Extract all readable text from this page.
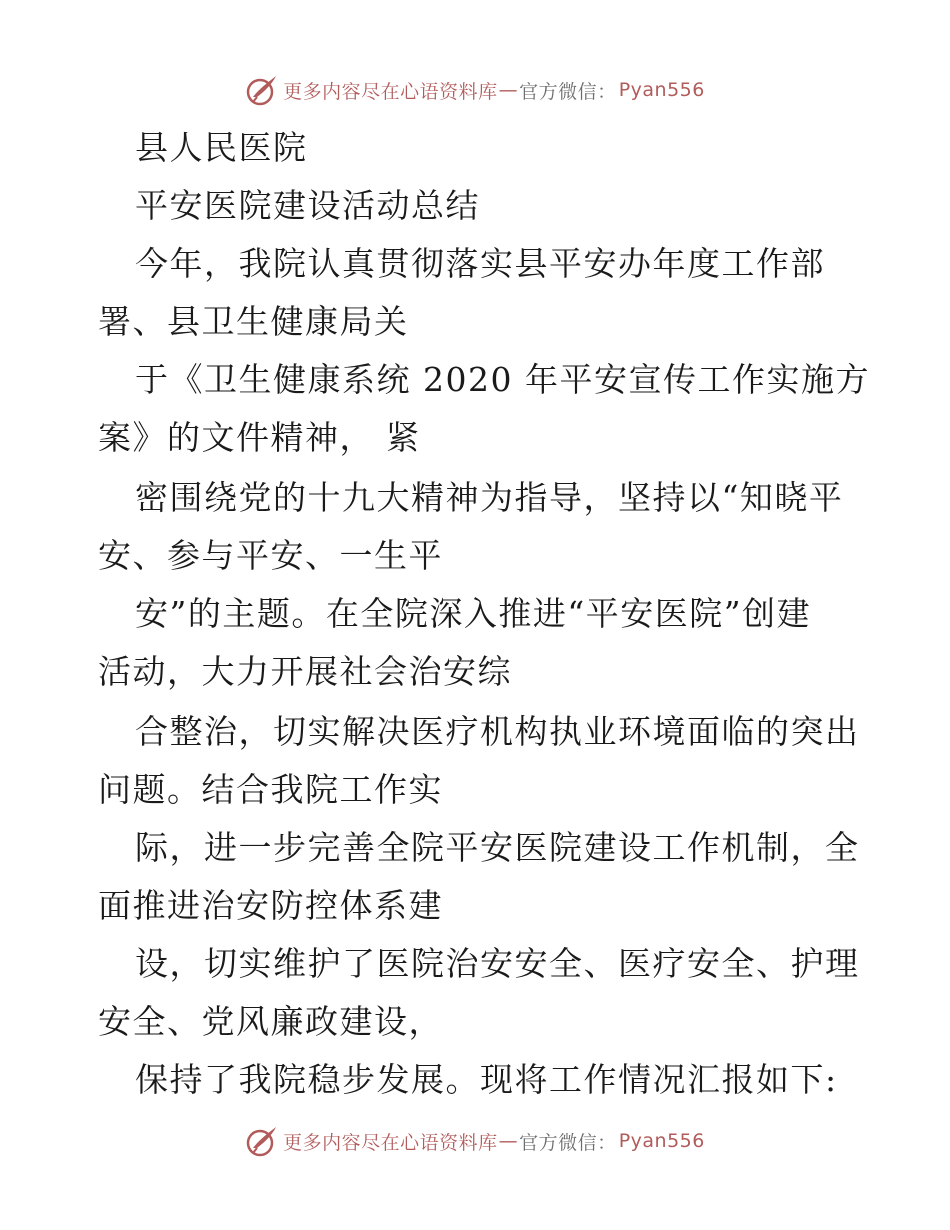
更多内容尽在心语资料库 — 官方微信： Pyan556
县人民医院
平安医院建设活动总结
今年，我院认真贯彻落实县平安办年度工作部
署、县卫生健康局关
于《卫生健康系统 2020 年平安宣传工作实施方
案》的文件精神， 紧
密围绕党的十九大精神为指导，坚持以“知晓平
安、参与平安、一生平
安”的主题。在全院深入推进“平安医院”创建
活动，大力开展社会治安综
合整治，切实解决医疗机构执业环境面临的突出
问题。结合我院工作实
际，进一步完善全院平安医院建设工作机制，全
面推进治安防控体系建
设，切实维护了医院治安安全、医疗安全、护理
安全、党风廉政建设，
保持了我院稳步发展。现将工作情况汇报如下:
更多内容尽在心语资料库 — 官方微信： Pyan556
